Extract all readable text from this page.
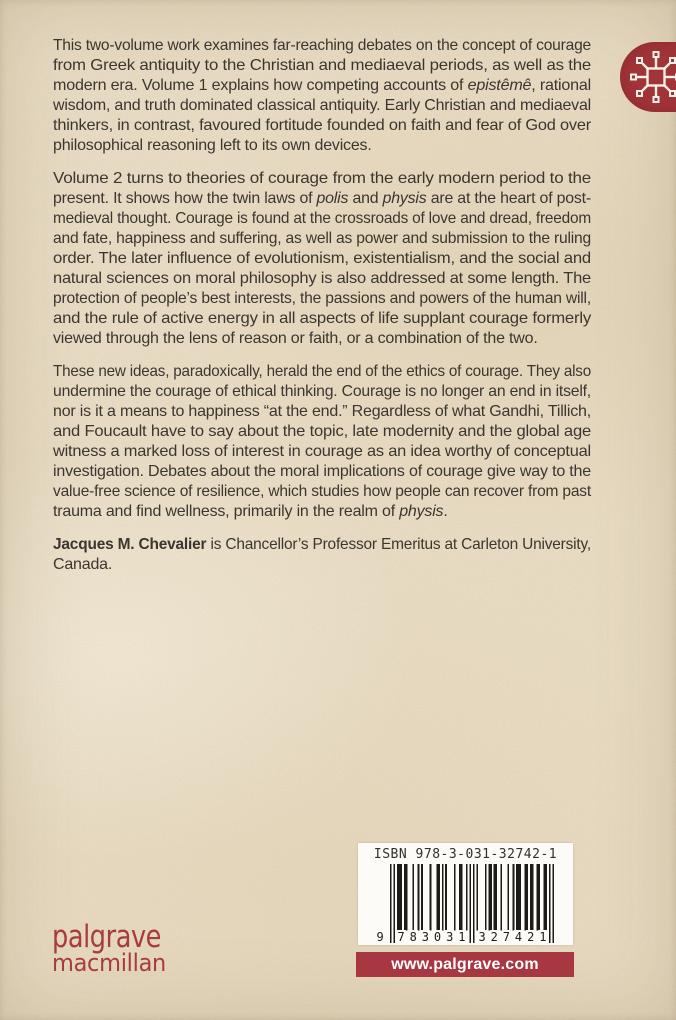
This two-volume work examines far-reaching debates on the concept of courage
from Greek antiquity to the Christian and mediaeval periods, as well as the
modern era. Volume 1 explains how competing accounts of epistêmê, rational
wisdom, and truth dominated classical antiquity. Early Christian and mediaeval
thinkers, in contrast, favoured fortitude founded on faith and fear of God over
philosophical reasoning left to its own devices.
Volume 2 turns to theories of courage from the early modern period to the
present. It shows how the twin laws of polis and physis are at the heart of post-
medieval thought. Courage is found at the crossroads of love and dread, freedom
and fate, happiness and suffering, as well as power and submission to the ruling
order. The later influence of evolutionism, existentialism, and the social and
natural sciences on moral philosophy is also addressed at some length. The
protection of people’s best interests, the passions and powers of the human will,
and the rule of active energy in all aspects of life supplant courage formerly
viewed through the lens of reason or faith, or a combination of the two.
These new ideas, paradoxically, herald the end of the ethics of courage. They also
undermine the courage of ethical thinking. Courage is no longer an end in itself,
nor is it a means to happiness “at the end.” Regardless of what Gandhi, Tillich,
and Foucault have to say about the topic, late modernity and the global age
witness a marked loss of interest in courage as an idea worthy of conceptual
investigation. Debates about the moral implications of courage give way to the
value-free science of resilience, which studies how people can recover from past
trauma and find wellness, primarily in the realm of physis.
Jacques M. Chevalier is Chancellor’s Professor Emeritus at Carleton University,
Canada.
palgrave
macmillan
ISBN 978-3-031-32742-1
9 7 8 3 0 3 1 3 2 7 4 2 1
www.palgrave.com
